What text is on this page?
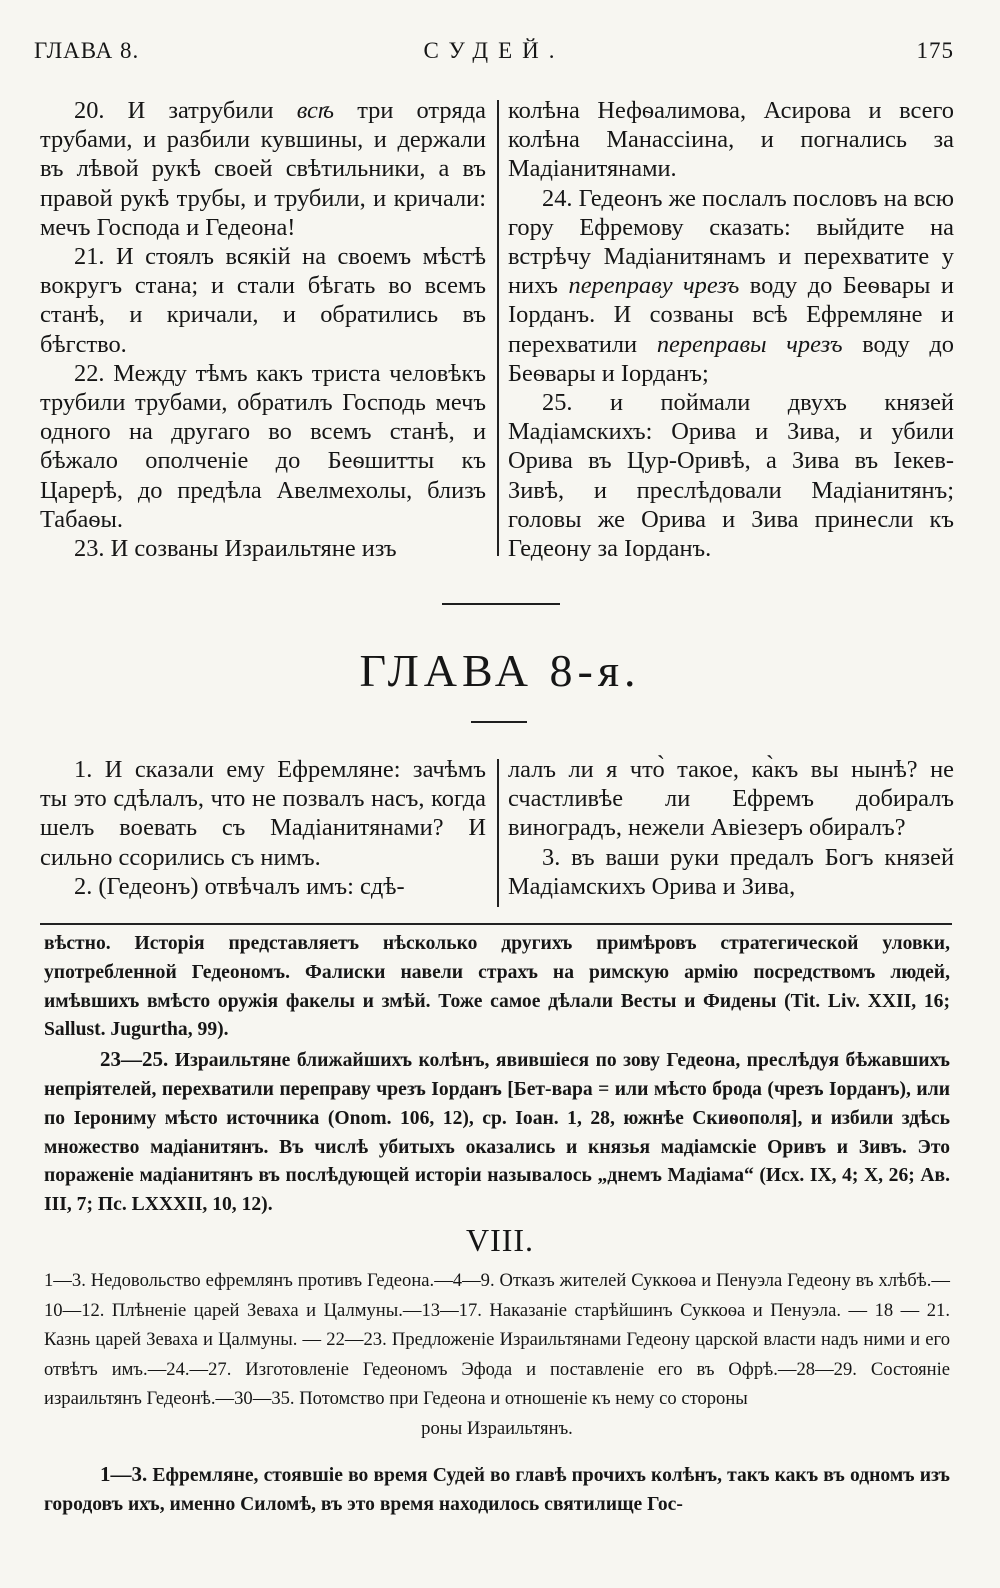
ГЛАВА 8.	СУДЕЙ.	175

20. И затрубили всѣ три отряда трубами, и разбили кувшины, и держали въ лѣвой рукѣ своей свѣтильники, а въ правой рукѣ трубы, и трубили, и кричали: мечъ Господа и Гедеона!

21. И стоялъ всякій на своемъ мѣстѣ вокругъ стана; и стали бѣгать во всемъ станѣ, и кричали, и обратились въ бѣгство.

22. Между тѣмъ какъ триста человѣкъ трубили трубами, обратилъ Господь мечъ одного на другаго во всемъ станѣ, и бѣжало ополченіе до Беѳшитты къ Царерѣ, до предѣла Авелмехолы, близъ Табаѳы.

23. И созваны Израильтяне изъ

колѣна Нефѳалимова, Асирова и всего колѣна Манассіина, и погнались за Мадіанитянами.

24. Гедеонъ же послалъ пословъ на всю гору Ефремову сказать: выйдите на встрѣчу Мадіанитянамъ и перехватите у нихъ переправу чрезъ воду до Беѳвары и Іорданъ. И созваны всѣ Ефремляне и перехватили переправы чрезъ воду до Беѳвары и Іорданъ;

25. и поймали двухъ князей Мадіамскихъ: Орива и Зива, и убили Орива въ Цур-Оривѣ, а Зива въ Іекев-Зивѣ, и преслѣдовали Мадіанитянъ; головы же Орива и Зива принесли къ Гедеону за Іорданъ.

ГЛАВА 8-я.

1. И сказали ему Ефремляне: зачѣмъ ты это сдѣлалъ, что не позвалъ насъ, когда шелъ воевать съ Мадіанитянами? И сильно ссорились съ нимъ.

2. (Гедеонъ) отвѣчалъ имъ: сдѣ-

лалъ ли я что̀ такое, ка̀къ вы нынѣ? не счастливѣе ли Ефремъ добиралъ виноградъ, нежели Авіезеръ обиралъ?

3. въ ваши руки предалъ Богъ князей Мадіамскихъ Орива и Зива,

вѣстно. Исторія представляетъ нѣсколько другихъ примѣровъ стратегической уловки, употребленной Гедеономъ. Фалиски навели страхъ на римскую армію посредствомъ людей, имѣвшихъ вмѣсто оружія факелы и змѣй. Тоже самое дѣлали Весты и Фидены (Tit. Liv. XXII, 16; Sallust. Jugurtha, 99).

23—25. Израильтяне ближайшихъ колѣнъ, явившіеся по зову Гедеона, преслѣдуя бѣжавшихъ непріятелей, перехватили переправу чрезъ Іорданъ [Бет-вара = или мѣсто брода (чрезъ Іорданъ), или по Іерониму мѣсто источника (Onom. 106, 12), ср. Іоан. 1, 28, южнѣе Скиѳополя], и избили здѣсь множество мадіанитянъ. Въ числѣ убитыхъ оказались и князья мадіамскіе Оривъ и Зивъ. Это пораженіе мадіанитянъ въ послѣдующей исторіи называлось „днемъ Мадіама“ (Исх. IX, 4; X, 26; Ав. III, 7; Пс. LXXXII, 10, 12).

VIII.
1—3. Недовольство ефремлянъ противъ Гедеона.—4—9. Отказъ жителей Суккоѳа и Пенуэла Гедеону въ хлѣбѣ.—10—12. Плѣненіе царей Зеваха и Цалмуны.—13—17. Наказаніе старѣйшинъ Суккоѳа и Пенуэла. — 18 — 21. Казнь царей Зеваха и Цалмуны. — 22—23. Предложеніе Израильтянами Гедеону царской власти надъ ними и его отвѣтъ имъ.—24.—27. Изготовленіе Гедеономъ Эфода и поставленіе его въ Офрѣ.—28—29. Состояніе израильтянъ Гедеонѣ.—30—35. Потомство при Гедеона и отношеніе къ нему со стороны
роны Израильтянъ.

1—3. Ефремляне, стоявшіе во время Судей во главѣ прочихъ колѣнъ, такъ какъ въ одномъ изъ городовъ ихъ, именно Силомѣ, въ это время находилось святилище Гос-
